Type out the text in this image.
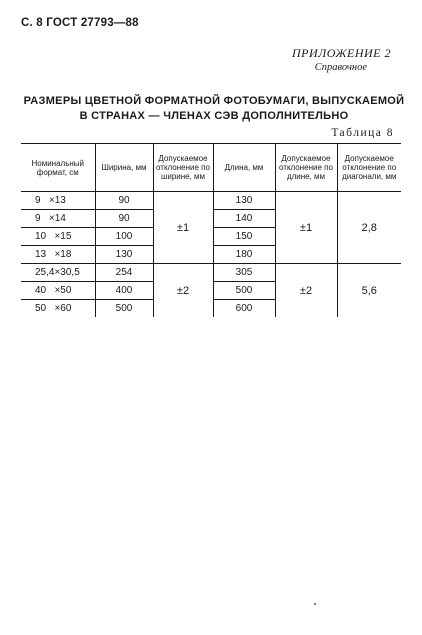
С. 8 ГОСТ 27793—88
ПРИЛОЖЕНИЕ 2
Справочное
РАЗМЕРЫ ЦВЕТНОЙ ФОРМАТНОЙ ФОТОБУМАГИ, ВЫПУСКАЕМОЙ
В СТРАНАХ — ЧЛЕНАХ СЭВ ДОПОЛНИТЕЛЬНО
Таблица 8
Номинальный формат, см	Ширина, мм	Допускаемое отклонение по ширине, мм	Длина, мм	Допускаемое отклонение по длине, мм	Допускаемое отклонение по диагонали, мм
9   ×13	90	±1	130	±1	2,8
9   ×14	90		140		
10   ×15	100		150		
13   ×18	130		180		
25,4×30,5	254	±2	305	±2	5,6
40   ×50	400		500		
50   ×60	500		600		
